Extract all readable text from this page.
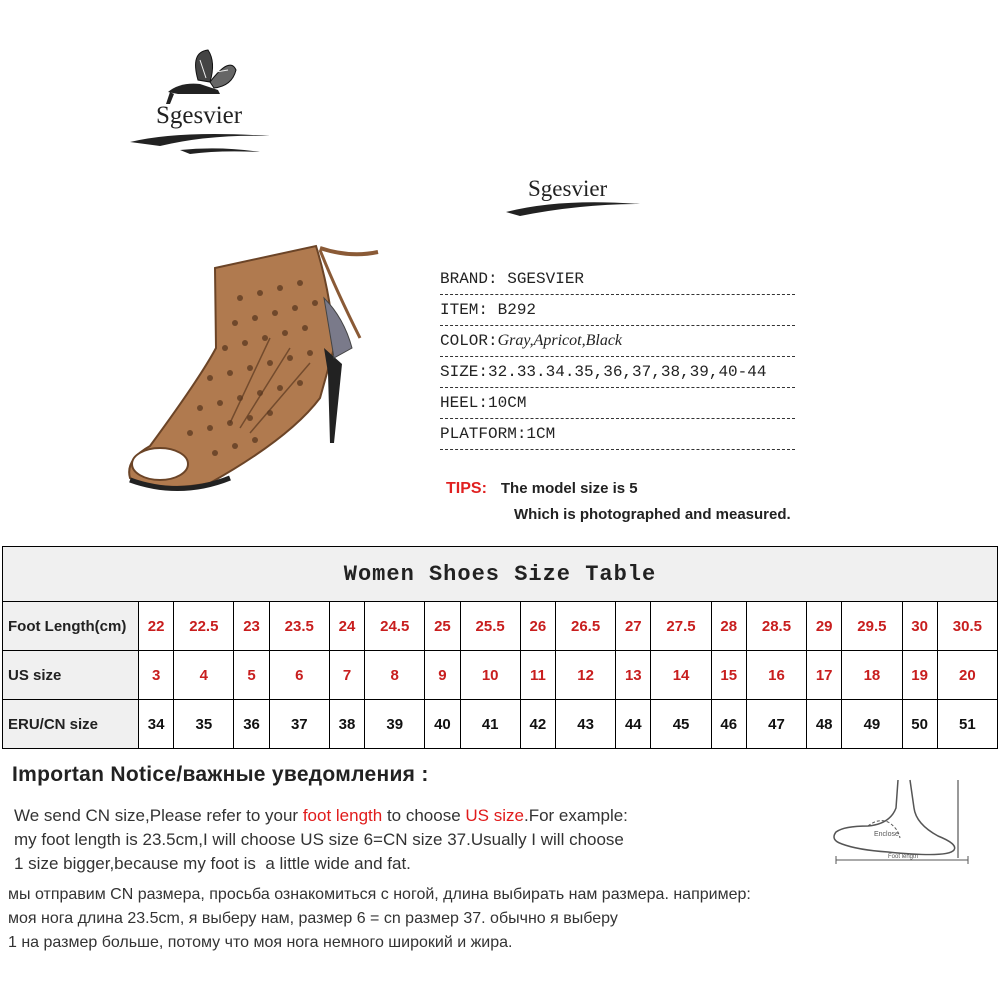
Sgesvier
Sgesvier
BRAND: SGESVIER
ITEM: B292
COLOR:Gray,Apricot,Black
SIZE:32.33.34.35,36,37,38,39,40-44
HEEL:10CM
PLATFORM:1CM
TIPS: The model size is 5
Which is photographed and measured.
Women Shoes Size Table																		
Foot Length(cm)	22	22.5	23	23.5	24	24.5	25	25.5	26	26.5	27	27.5	28	28.5	29	29.5	30	30.5
US size	3	4	5	6	7	8	9	10	11	12	13	14	15	16	17	18	19	20
ERU/CN size	34	35	36	37	38	39	40	41	42	43	44	45	46	47	48	49	50	51
Importan Notice/важные уведомления :
We send CN size,Please refer to your foot length to choose US size.For example:
my foot length is 23.5cm,I will choose US size 6=CN size 37.Usually I will choose
1 size bigger,because my foot is  a little wide and fat.
мы отправим CN размера, просьба ознакомиться с ногой, длина выбирать нам размера. например:
моя нога длина 23.5cm, я выберу нам, размер 6 = cn размер 37. обычно я выберу
1 на размер больше, потому что моя нога немного широкий и жира.
Enclose
Foot length
